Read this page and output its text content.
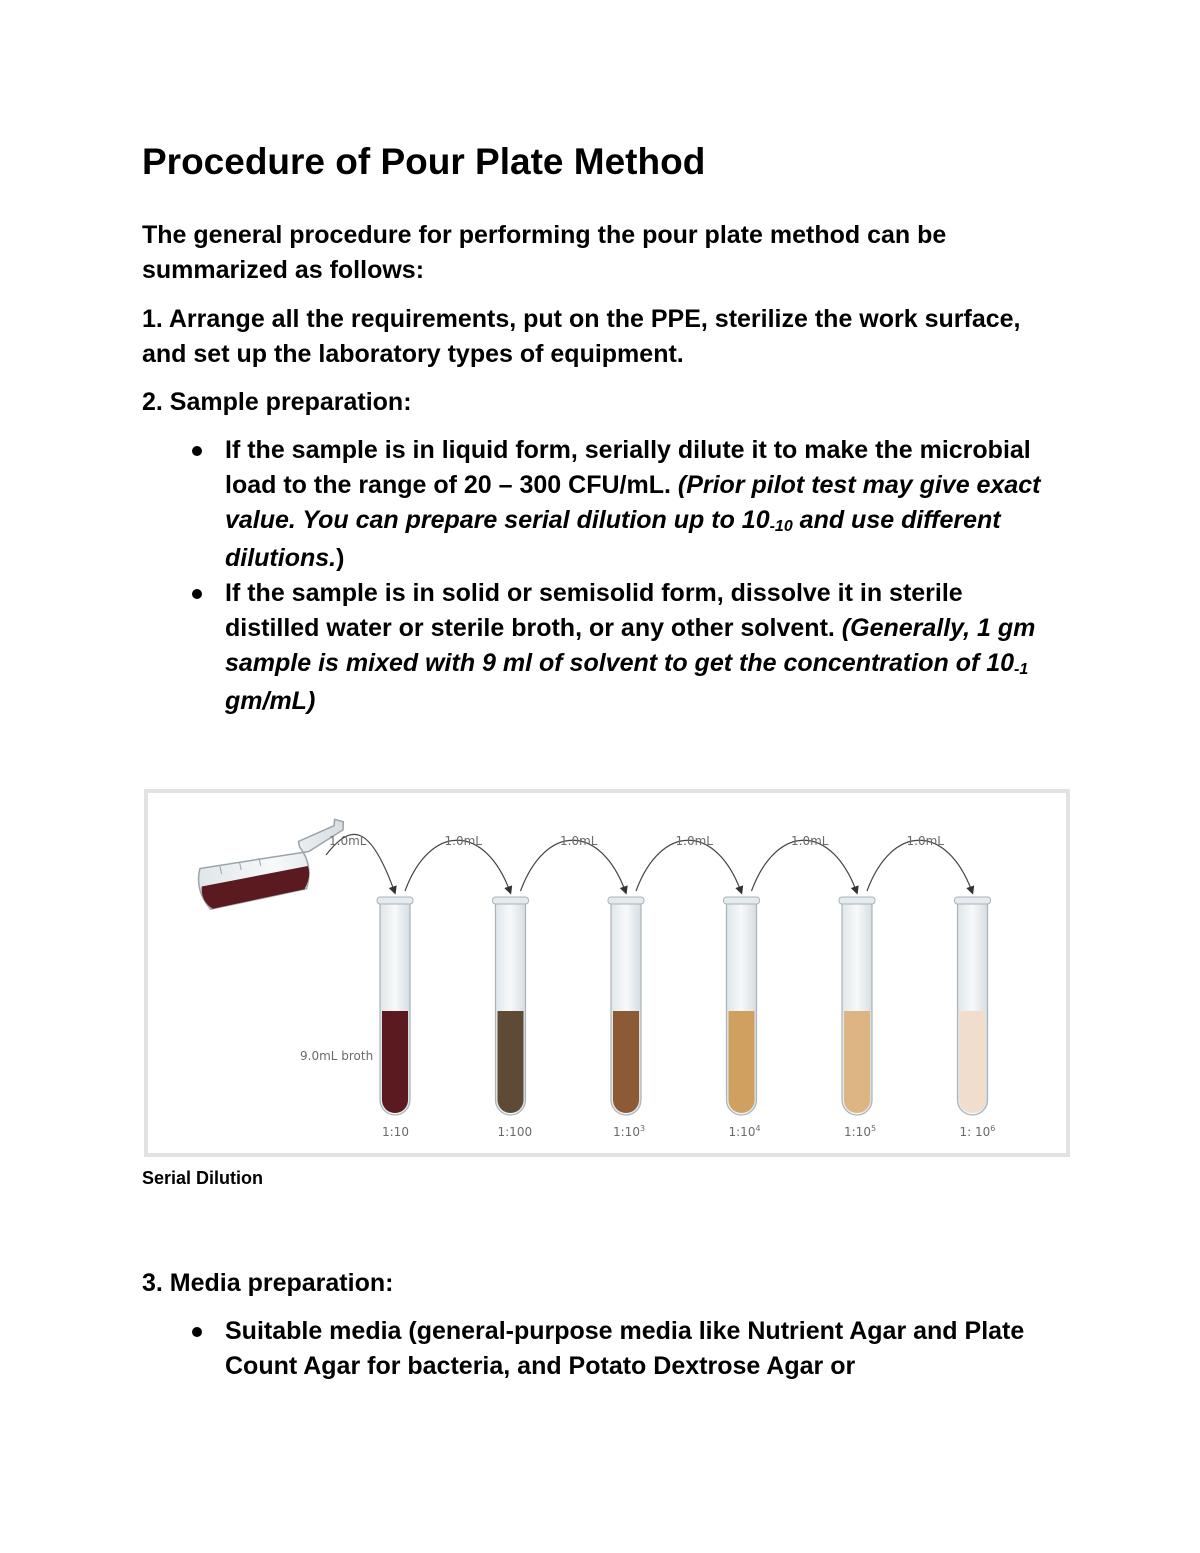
Procedure of Pour Plate Method

The general procedure for performing the pour plate method can be summarized as follows:

1. Arrange all the requirements, put on the PPE, sterilize the work surface, and set up the laboratory types of equipment.

2. Sample preparation:

If the sample is in liquid form, serially dilute it to make the microbial load to the range of 20 – 300 CFU/mL. (Prior pilot test may give exact value. You can prepare serial dilution up to $10^{-10}$ and use different dilutions.)
If the sample is in solid or semisolid form, dissolve it in sterile distilled water or sterile broth, or any other solvent. (Generally, 1 gm sample is mixed with 9 ml of solvent to get the concentration of $10^{-1}$ gm/mL)
1.0mL	1.0mL	1.0mL	1.0mL	1.0mL	1.0mL
1:10	1:100	$1:10^3$	$1:10^4$	$1:10^5$	1: $10^6$
9.0mL broth

Serial Dilution

3. Media preparation:

Suitable media (general-purpose media like Nutrient Agar and Plate Count Agar for bacteria, and Potato Dextrose Agar or
